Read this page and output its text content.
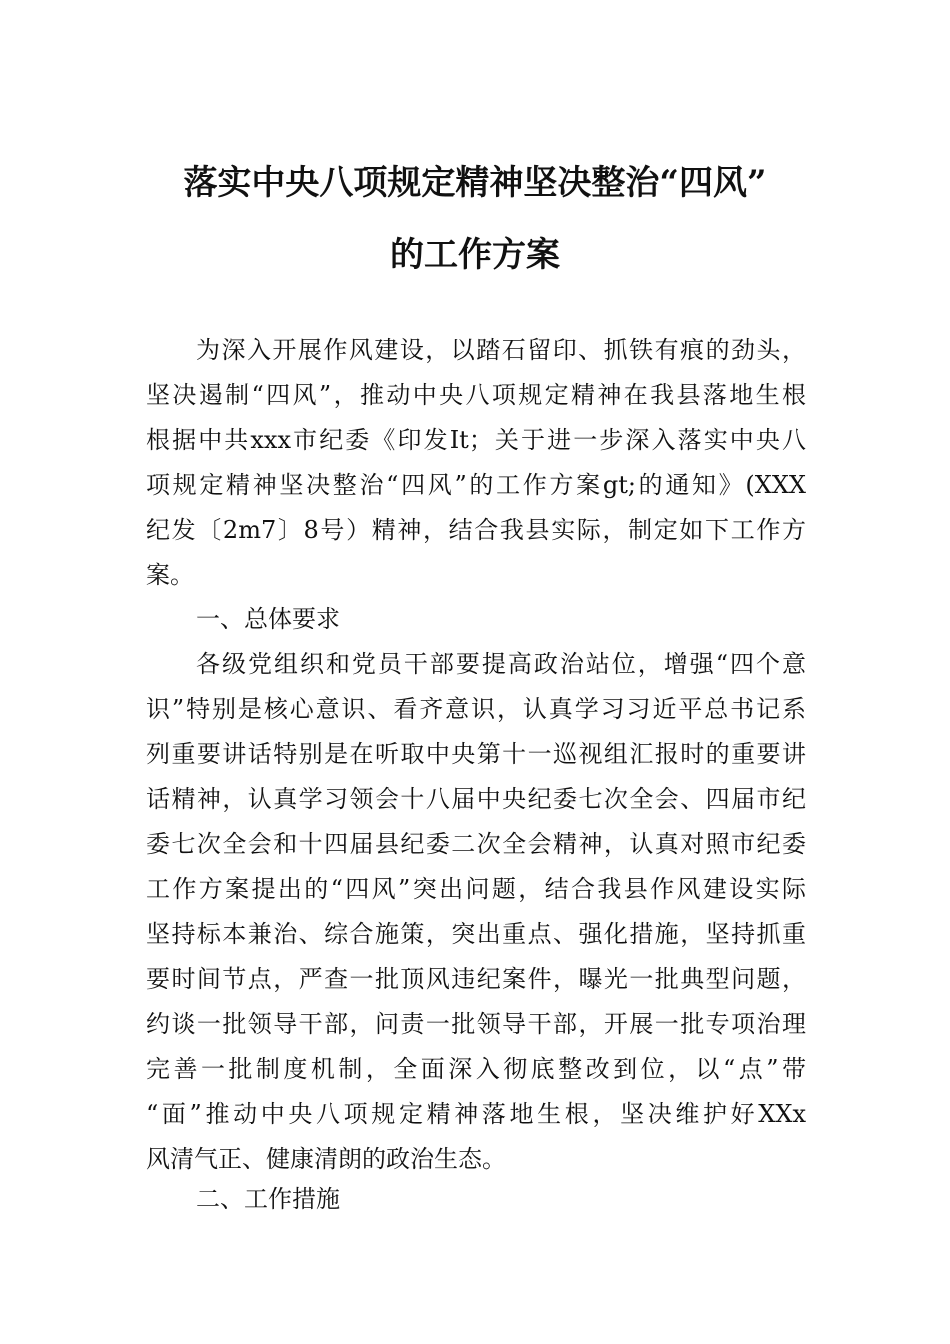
落实中央八项规定精神坚决整治“四风”
的工作方案

为深入开展作风建设，以踏石留印、抓铁有痕的劲头，

坚决遏制“四风”，推动中央八项规定精神在我县落地生根

根据中共xxx市纪委《印发It；关于进一步深入落实中央八

项规定精神坚决整治“四风”的工作方案gt;的通知》(XXX

纪发〔2m7〕8号）精神，结合我县实际，制定如下工作方

案。

一、总体要求

各级党组织和党员干部要提高政治站位，增强“四个意

识”特别是核心意识、看齐意识，认真学习习近平总书记系

列重要讲话特别是在听取中央第十一巡视组汇报时的重要讲

话精神，认真学习领会十八届中央纪委七次全会、四届市纪

委七次全会和十四届县纪委二次全会精神，认真对照市纪委

工作方案提出的“四风”突出问题，结合我县作风建设实际

坚持标本兼治、综合施策，突出重点、强化措施，坚持抓重

要时间节点，严查一批顶风违纪案件，曝光一批典型问题，

约谈一批领导干部，问责一批领导干部，开展一批专项治理

完善一批制度机制，全面深入彻底整改到位，以“点”带

“面”推动中央八项规定精神落地生根，坚决维护好XXx

风清气正、健康清朗的政治生态。

二、工作措施
